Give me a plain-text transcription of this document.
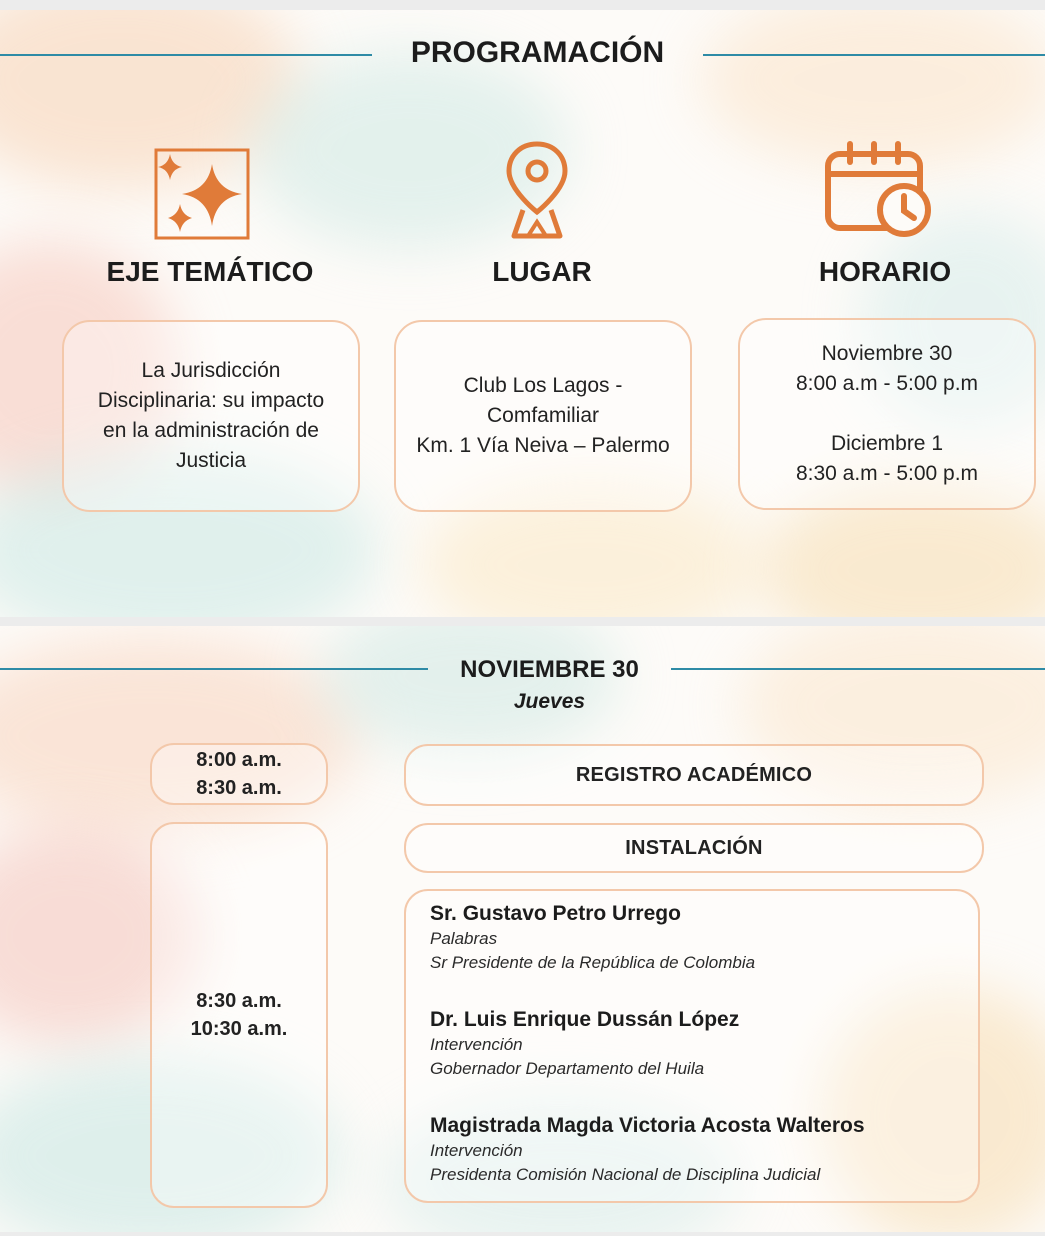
PROGRAMACIÓN
EJE TEMÁTICO
La Jurisdicción
Disciplinaria: su impacto
en la administración de
Justicia
LUGAR
Club Los Lagos -
Comfamiliar
Km. 1 Vía Neiva – Palermo
HORARIO
Noviembre 30
8:00 a.m - 5:00 p.m
Diciembre 1
8:30 a.m - 5:00 p.m
NOVIEMBRE 30
Jueves
8:00 a.m.
8:30 a.m.
REGISTRO ACADÉMICO
8:30 a.m.
10:30 a.m.
INSTALACIÓN
Sr. Gustavo Petro Urrego
Palabras
Sr Presidente de la República de Colombia
Dr. Luis Enrique Dussán López
Intervención
Gobernador Departamento del Huila
Magistrada Magda Victoria Acosta Walteros
Intervención
Presidenta Comisión Nacional de Disciplina Judicial
